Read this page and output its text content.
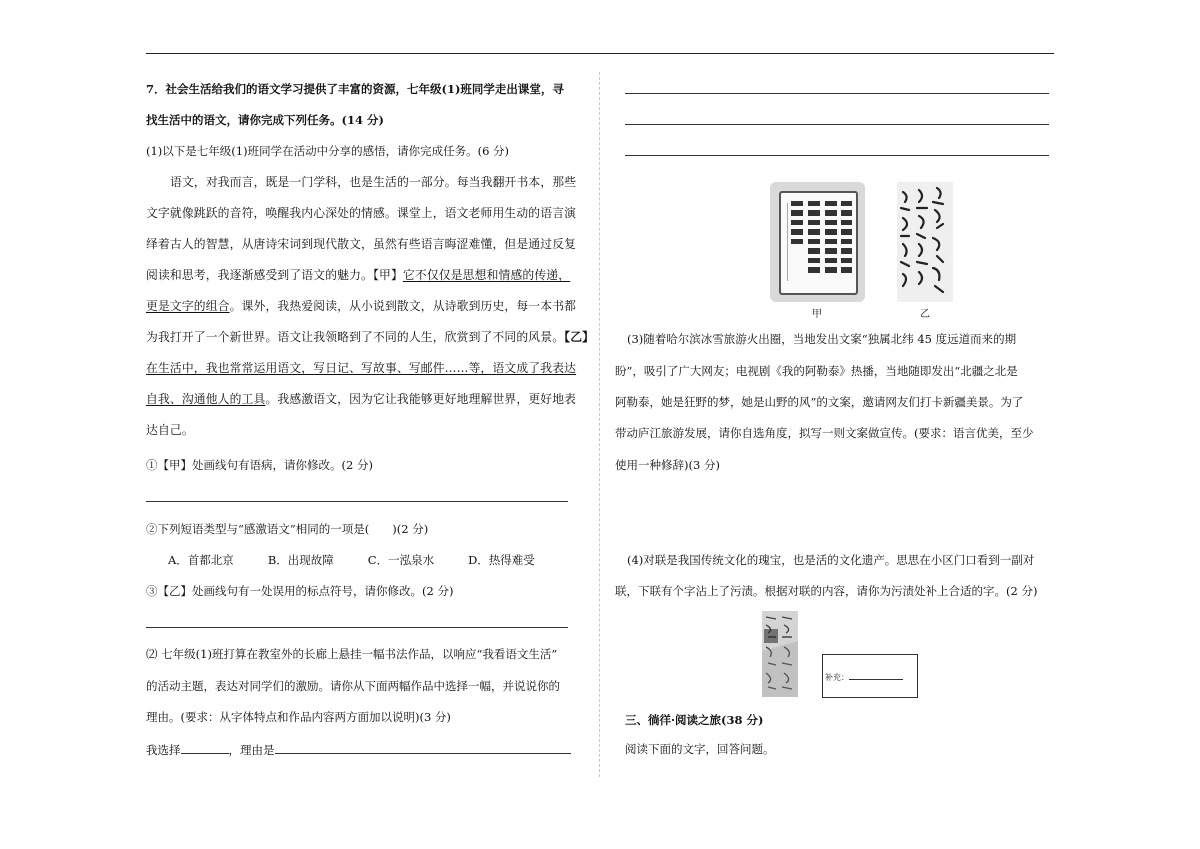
7．社会生活给我们的语文学习提供了丰富的资源，七年级(1)班同学走出课堂，寻
找生活中的语文，请你完成下列任务。(14 分)
(1)以下是七年级(1)班同学在活动中分享的感悟，请你完成任务。(6 分)
语文，对我而言，既是一门学科，也是生活的一部分。每当我翻开书本，那些
文字就像跳跃的音符，唤醒我内心深处的情感。课堂上，语文老师用生动的语言演
绎着古人的智慧，从唐诗宋词到现代散文，虽然有些语言晦涩难懂，但是通过反复
阅读和思考，我逐渐感受到了语文的魅力。【甲】它不仅仅是思想和情感的传递，
更是文字的组合。课外，我热爱阅读，从小说到散文，从诗歌到历史，每一本书都
为我打开了一个新世界。语文让我领略到了不同的人生，欣赏到了不同的风景。【乙】
在生活中，我也常常运用语文，写日记、写故事、写邮件……等，语文成了我表达
自我、沟通他人的工具。我感激语文，因为它让我能够更好地理解世界，更好地表
达自己。
①【甲】处画线句有语病，请你修改。(2 分)
②下列短语类型与“感激语文”相同的一项是(　　)(2 分)
A．首都北京	B．出现故障	C．一泓泉水	D．热得难受
③【乙】处画线句有一处误用的标点符号，请你修改。(2 分)
⑵ 七年级(1)班打算在教室外的长廊上悬挂一幅书法作品，以响应“我看语文生活”
的活动主题，表达对同学们的激励。请你从下面两幅作品中选择一幅，并说说你的
理由。(要求：从字体特点和作品内容两方面加以说明)(3 分)
我选择	，理由是
甲	乙
(3)随着哈尔滨冰雪旅游火出圈，当地发出文案“独属北纬 45 度远道而来的期
盼”，吸引了广大网友；电视剧《我的阿勒泰》热播，当地随即发出“北疆之北是
阿勒泰，她是狂野的梦，她是山野的风”的文案，邀请网友们打卡新疆美景。为了
带动庐江旅游发展，请你自选角度，拟写一则文案做宣传。(要求：语言优美，至少
使用一种修辞)(3 分)
(4)对联是我国传统文化的瑰宝，也是活的文化遗产。思思在小区门口看到一副对
联，下联有个字沾上了污渍。根据对联的内容，请你为污渍处补上合适的字。(2 分)
补充：
三、徜徉·阅读之旅(38 分)
阅读下面的文字，回答问题。
